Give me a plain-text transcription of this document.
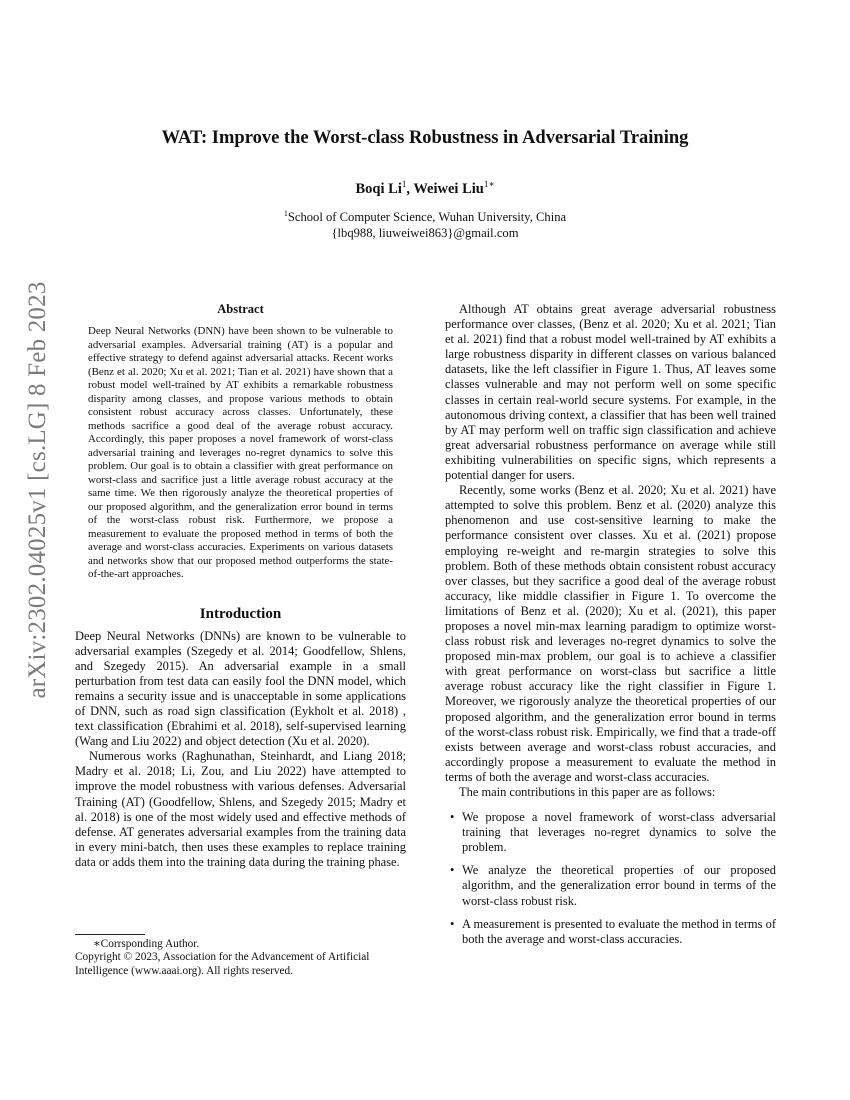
arXiv:2302.04025v1 [cs.LG] 8 Feb 2023
WAT: Improve the Worst-class Robustness in Adversarial Training
Boqi Li$^1$, Weiwei Liu$^{1∗}$
$^1$School of Computer Science, Wuhan University, China
{lbq988, liuweiwei863}@gmail.com
Abstract

Deep Neural Networks (DNN) have been shown to be vulnerable to adversarial examples. Adversarial training (AT) is a popular and effective strategy to defend against adversarial attacks. Recent works (Benz et al. 2020; Xu et al. 2021; Tian et al. 2021) have shown that a robust model well-trained by AT exhibits a remarkable robustness disparity among classes, and propose various methods to obtain consistent robust accuracy across classes. Unfortunately, these methods sacrifice a good deal of the average robust accuracy. Accordingly, this paper proposes a novel framework of worst-class adversarial training and leverages no-regret dynamics to solve this problem. Our goal is to obtain a classifier with great performance on worst-class and sacrifice just a little average robust accuracy at the same time. We then rigorously analyze the theoretical properties of our proposed algorithm, and the generalization error bound in terms of the worst-class robust risk. Furthermore, we propose a measurement to evaluate the proposed method in terms of both the average and worst-class accuracies. Experiments on various datasets and networks show that our proposed method outperforms the state-of-the-art approaches.

Introduction

Deep Neural Networks (DNNs) are known to be vulnerable to adversarial examples (Szegedy et al. 2014; Goodfellow, Shlens, and Szegedy 2015). An adversarial example in a small perturbation from test data can easily fool the DNN model, which remains a security issue and is unacceptable in some applications of DNN, such as road sign classification (Eykholt et al. 2018) , text classification (Ebrahimi et al. 2018), self-supervised learning (Wang and Liu 2022) and object detection (Xu et al. 2020).

Numerous works (Raghunathan, Steinhardt, and Liang 2018; Madry et al. 2018; Li, Zou, and Liu 2022) have attempted to improve the model robustness with various defenses. Adversarial Training (AT) (Goodfellow, Shlens, and Szegedy 2015; Madry et al. 2018) is one of the most widely used and effective methods of defense. AT generates adversarial examples from the training data in every mini-batch, then uses these examples to replace training data or adds them into the training data during the training phase.

Although AT obtains great average adversarial robustness performance over classes, (Benz et al. 2020; Xu et al. 2021; Tian et al. 2021) find that a robust model well-trained by AT exhibits a large robustness disparity in different classes on various balanced datasets, like the left classifier in Figure 1. Thus, AT leaves some classes vulnerable and may not perform well on some specific classes in certain real-world secure systems. For example, in the autonomous driving context, a classifier that has been well trained by AT may perform well on traffic sign classification and achieve great adversarial robustness performance on average while still exhibiting vulnerabilities on specific signs, which represents a potential danger for users.

Recently, some works (Benz et al. 2020; Xu et al. 2021) have attempted to solve this problem. Benz et al. (2020) analyze this phenomenon and use cost-sensitive learning to make the performance consistent over classes. Xu et al. (2021) propose employing re-weight and re-margin strategies to solve this problem. Both of these methods obtain consistent robust accuracy over classes, but they sacrifice a good deal of the average robust accuracy, like middle classifier in Figure 1. To overcome the limitations of Benz et al. (2020); Xu et al. (2021), this paper proposes a novel min-max learning paradigm to optimize worst-class robust risk and leverages no-regret dynamics to solve the proposed min-max problem, our goal is to achieve a classifier with great performance on worst-class but sacrifice a little average robust accuracy like the right classifier in Figure 1. Moreover, we rigorously analyze the theoretical properties of our proposed algorithm, and the generalization error bound in terms of the worst-class robust risk. Empirically, we find that a trade-off exists between average and worst-class robust accuracies, and accordingly propose a measurement to evaluate the method in terms of both the average and worst-class accuracies.

The main contributions in this paper are as follows:

• We propose a novel framework of worst-class adversarial training that leverages no-regret dynamics to solve the problem.
• We analyze the theoretical properties of our proposed algorithm, and the generalization error bound in terms of the worst-class robust risk.
• A measurement is presented to evaluate the method in terms of both the average and worst-class accuracies.
∗Corrsponding Author.
Copyright © 2023, Association for the Advancement of Artificial Intelligence (www.aaai.org). All rights reserved.
